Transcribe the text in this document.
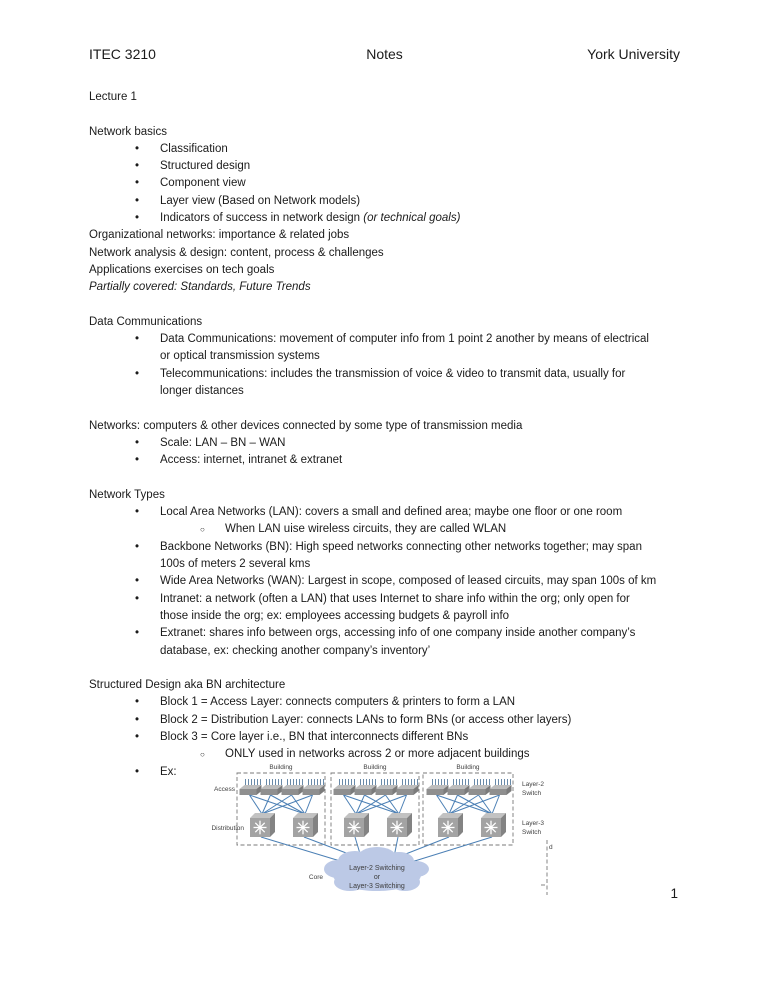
ITEC 3210	Notes	York University
Lecture 1
Network basics
•	Classification
•	Structured design
•	Component view
•	Layer view (Based on Network models)
•	Indicators of success in network design (or technical goals)
Organizational networks: importance & related jobs
Network analysis & design: content, process & challenges
Applications exercises on tech goals
Partially covered: Standards, Future Trends
Data Communications
•	Data Communications: movement of computer info from 1 point 2 another by means of electrical
or optical transmission systems
•	Telecommunications: includes the transmission of voice & video to transmit data, usually for
longer distances
Networks: computers & other devices connected by some type of transmission media
•	Scale: LAN – BN – WAN
•	Access: internet, intranet & extranet
Network Types
•	Local Area Networks (LAN): covers a small and defined area; maybe one floor or one room
○	When LAN uise wireless circuits, they are called WLAN
•	Backbone Networks (BN): High speed networks connecting other networks together; may span
100s of meters 2 several kms
•	Wide Area Networks (WAN): Largest in scope, composed of leased circuits, may span 100s of km
•	Intranet: a network (often a LAN) that uses Internet to share info within the org; only open for
those inside the org; ex: employees accessing budgets & payroll info
•	Extranet: shares info between orgs, accessing info of one company inside another company’s
database, ex: checking another company’s inventory’
Structured Design aka BN architecture
•	Block 1 = Access Layer: connects computers & printers to form a LAN
•	Block 2 = Distribution Layer: connects LANs to form BNs (or access other layers)
•	Block 3 = Core layer i.e., BN that interconnects different BNs
○	ONLY used in networks across 2 or more adjacent buildings
•	Ex:	Building	Building	Building
Layer-2 Switching
or
Layer-3 Switching
Access
Distribution
Core
Layer-2
Switch
Layer-3
Switch
d
1
